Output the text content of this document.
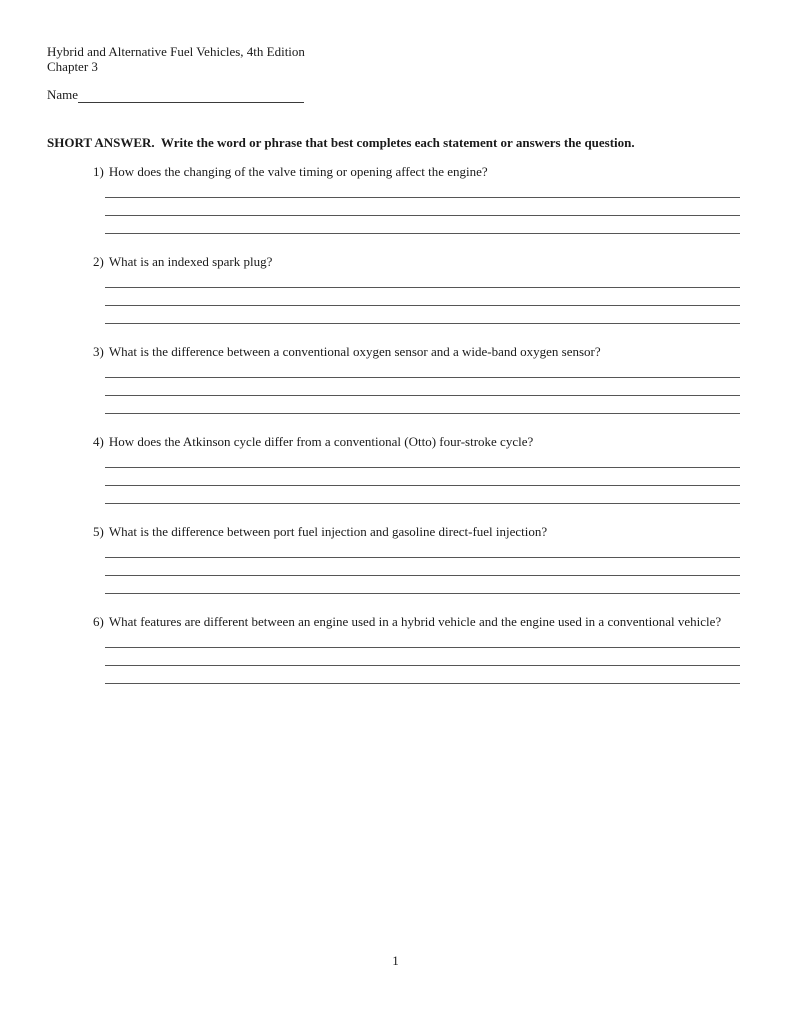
Hybrid and Alternative Fuel Vehicles, 4th Edition
Chapter 3
Name
SHORT ANSWER.  Write the word or phrase that best completes each statement or answers the question.
1) How does the changing of the valve timing or opening affect the engine?
2) What is an indexed spark plug?
3) What is the difference between a conventional oxygen sensor and a wide-band oxygen sensor?
4) How does the Atkinson cycle differ from a conventional (Otto) four-stroke cycle?
5) What is the difference between port fuel injection and gasoline direct-fuel injection?
6) What features are different between an engine used in a hybrid vehicle and the engine used in a conventional vehicle?
1
